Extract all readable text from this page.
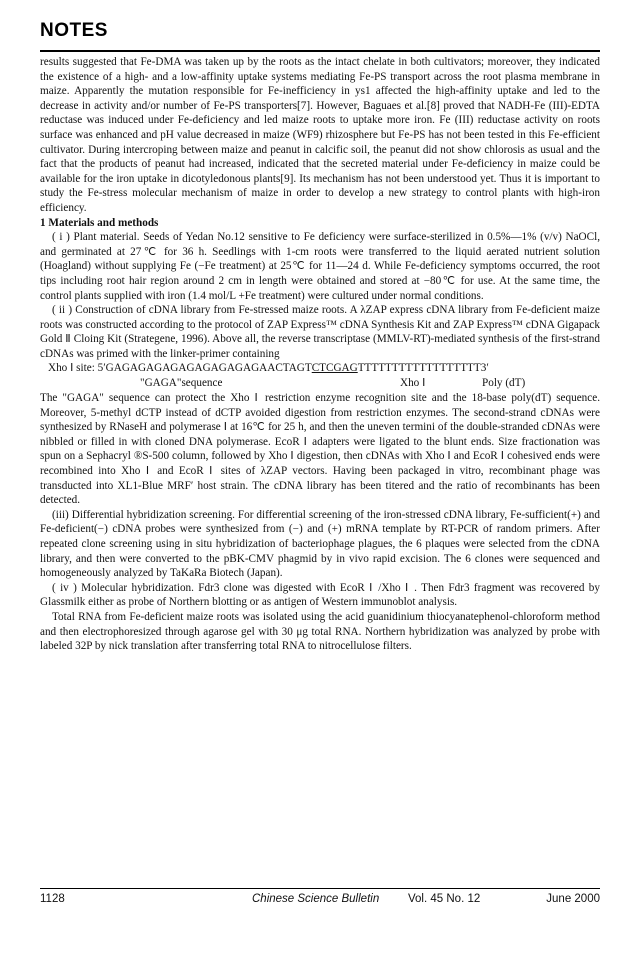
NOTES

results suggested that Fe-DMA was taken up by the roots as the intact chelate in both cultivators; moreover, they indicated the existence of a high- and a low-affinity uptake systems mediating Fe-PS transport across the root plasma membrane in maize. Apparently the mutation responsible for Fe-inefficiency in ys1 affected the high-affinity uptake and led to the decrease in activity and/or number of Fe-PS transporters[7]. However, Baguaes et al.[8] proved that NADH-Fe (III)-EDTA reductase was induced under Fe-deficiency and led maize roots to uptake more iron. Fe (III) reductase activity on roots surface was enhanced and pH value decreased in maize (WF9) rhizosphere but Fe-PS has not been tested in this Fe-efficient cultivator. During intercroping between maize and peanut in calcific soil, the peanut did not show chlorosis as usual and the fact that the products of peanut had increased, indicated that the secreted material under Fe-deficiency in maize could be available for the iron uptake in dicotyledonous plants[9]. Its mechanism has not been understood yet. Thus it is important to study the Fe-stress molecular mechanism of maize in order to develop a new strategy to control plants with high-iron efficiency.

1 Materials and methods

( i ) Plant material. Seeds of Yedan No.12 sensitive to Fe deficiency were surface-sterilized in 0.5%—1% (v/v) NaOCl, and germinated at 27℃ for 36 h. Seedlings with 1-cm roots were transferred to the liquid aerated nutrient solution (Hoagland) without supplying Fe (−Fe treatment) at 25℃ for 11—24 d. While Fe-deficiency symptoms occurred, the root tips including root hair region around 2 cm in length were obtained and stored at −80℃ for use. At the same time, the control plants supplied with iron (1.4 mol/L +Fe treatment) were cultured under normal conditions.

( ii ) Construction of cDNA library from Fe-stressed maize roots. A λZAP express cDNA library from Fe-deficient maize roots was constructed according to the protocol of ZAP Express™ cDNA Synthesis Kit and ZAP Express™ cDNA Gigapack Gold Ⅱ Cloing Kit (Strategene, 1996). Above all, the reverse transcriptase (MMLV-RT)-mediated synthesis of the first-strand cDNAs was primed with the linker-primer containing

Xho Ⅰ site: 5′GAGAGAGAGAGAGAGAGAGAACTAGTCTCGAGTTTTTTTTTTTTTTTTTT3′
"GAGA"sequence	Xho Ⅰ	Poly (dT)

The "GAGA" sequence can protect the Xho Ⅰ restriction enzyme recognition site and the 18-base poly(dT) sequence. Moreover, 5-methyl dCTP instead of dCTP avoided digestion from restriction enzymes. The second-strand cDNAs were synthesized by RNaseH and polymerase Ⅰ at 16℃ for 25 h, and then the uneven termini of the double-stranded cDNAs were nibbled or filled in with cloned DNA polymerase. EcoR Ⅰ adapters were ligated to the blunt ends. Size fractionation was spun on a Sephacryl ®S-500 column, followed by Xho Ⅰ digestion, then cDNAs with Xho Ⅰ and EcoR Ⅰ cohesived ends were recombined into Xho Ⅰ and EcoR Ⅰ sites of λZAP vectors. Having been packaged in vitro, recombinant phage was transducted into XL1-Blue MRF′ host strain. The cDNA library has been titered and the ratio of recombinants has been detected.

(iii) Differential hybridization screening. For differential screening of the iron-stressed cDNA library, Fe-sufficient(+) and Fe-deficient(−) cDNA probes were synthesized from (−) and (+) mRNA template by RT-PCR of random primers. After repeated clone screening using in situ hybridization of bacteriophage plagues, the 6 plaques were selected from the cDNA library, and then were converted to the pBK-CMV phagmid by in vivo rapid excision. The 6 clones were sequenced and homogeneously analyzed by TaKaRa Biotech (Japan).

( iv ) Molecular hybridization. Fdr3 clone was digested with EcoR Ⅰ /Xho Ⅰ . Then Fdr3 fragment was recovered by Glassmilk either as probe of Northern blotting or as antigen of Western immunoblot analysis.

Total RNA from Fe-deficient maize roots was isolated using the acid guanidinium thiocyanatephenol-chloroform method and then electrophoresized through agarose gel with 30 μg total RNA. Northern hybridization was analyzed by probe with labeled 32P by nick translation after transferring total RNA to nitrocellulose filters.

1128	Chinese Science Bulletin	Vol. 45 No. 12	June 2000
